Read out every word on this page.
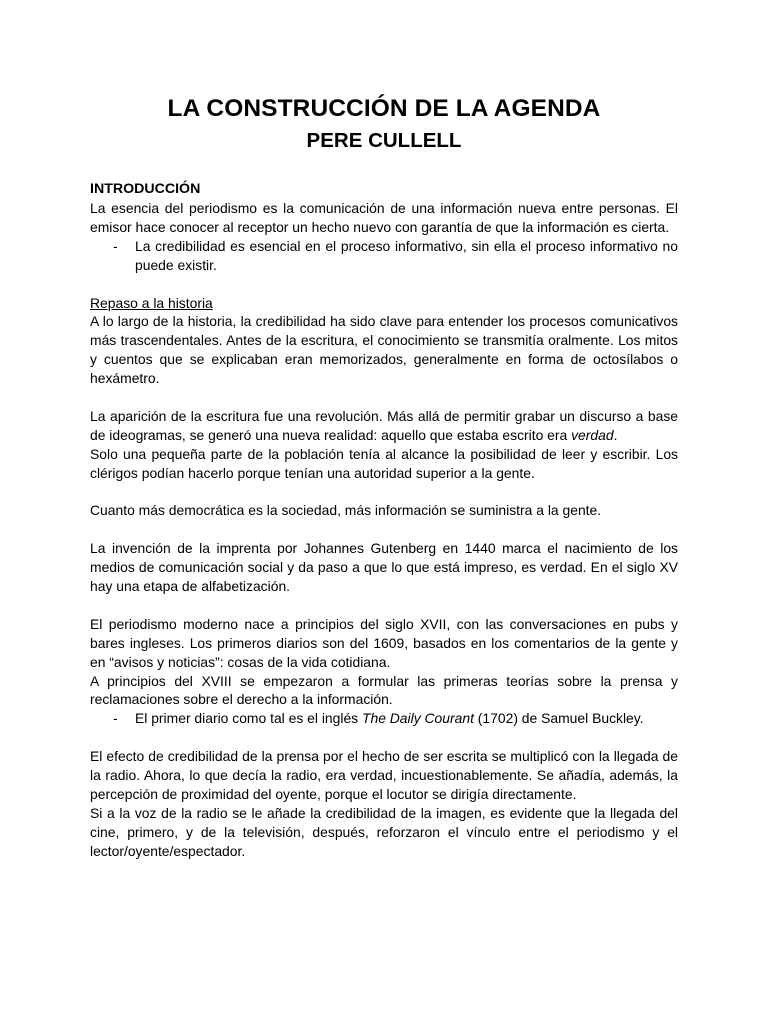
LA CONSTRUCCIÓN DE LA AGENDA
PERE CULLELL
INTRODUCCIÓN

La esencia del periodismo es la comunicación de una información nueva entre personas. El emisor hace conocer al receptor un hecho nuevo con garantía de que la información es cierta.

- La credibilidad es esencial en el proceso informativo, sin ella el proceso informativo no puede existir.
Repaso a la historia

A lo largo de la historia, la credibilidad ha sido clave para entender los procesos comunicativos más trascendentales. Antes de la escritura, el conocimiento se transmitía oralmente. Los mitos y cuentos que se explicaban eran memorizados, generalmente en forma de octosílabos o hexámetro.

La aparición de la escritura fue una revolución. Más allá de permitir grabar un discurso a base de ideogramas, se generó una nueva realidad: aquello que estaba escrito era verdad.

Solo una pequeña parte de la población tenía al alcance la posibilidad de leer y escribir. Los clérigos podían hacerlo porque tenían una autoridad superior a la gente.

Cuanto más democrática es la sociedad, más información se suministra a la gente.

La invención de la imprenta por Johannes Gutenberg en 1440 marca el nacimiento de los medios de comunicación social y da paso a que lo que está impreso, es verdad. En el siglo XV hay una etapa de alfabetización.

El periodismo moderno nace a principios del siglo XVII, con las conversaciones en pubs y bares ingleses. Los primeros diarios son del 1609, basados en los comentarios de la gente y en “avisos y noticias”: cosas de la vida cotidiana.

A principios del XVIII se empezaron a formular las primeras teorías sobre la prensa y reclamaciones sobre el derecho a la información.

- El primer diario como tal es el inglés The Daily Courant (1702) de Samuel Buckley.

El efecto de credibilidad de la prensa por el hecho de ser escrita se multiplicó con la llegada de la radio. Ahora, lo que decía la radio, era verdad, incuestionablemente. Se añadía, además, la percepción de proximidad del oyente, porque el locutor se dirigía directamente.

Si a la voz de la radio se le añade la credibilidad de la imagen, es evidente que la llegada del cine, primero, y de la televisión, después, reforzaron el vínculo entre el periodismo y el lector/oyente/espectador.
